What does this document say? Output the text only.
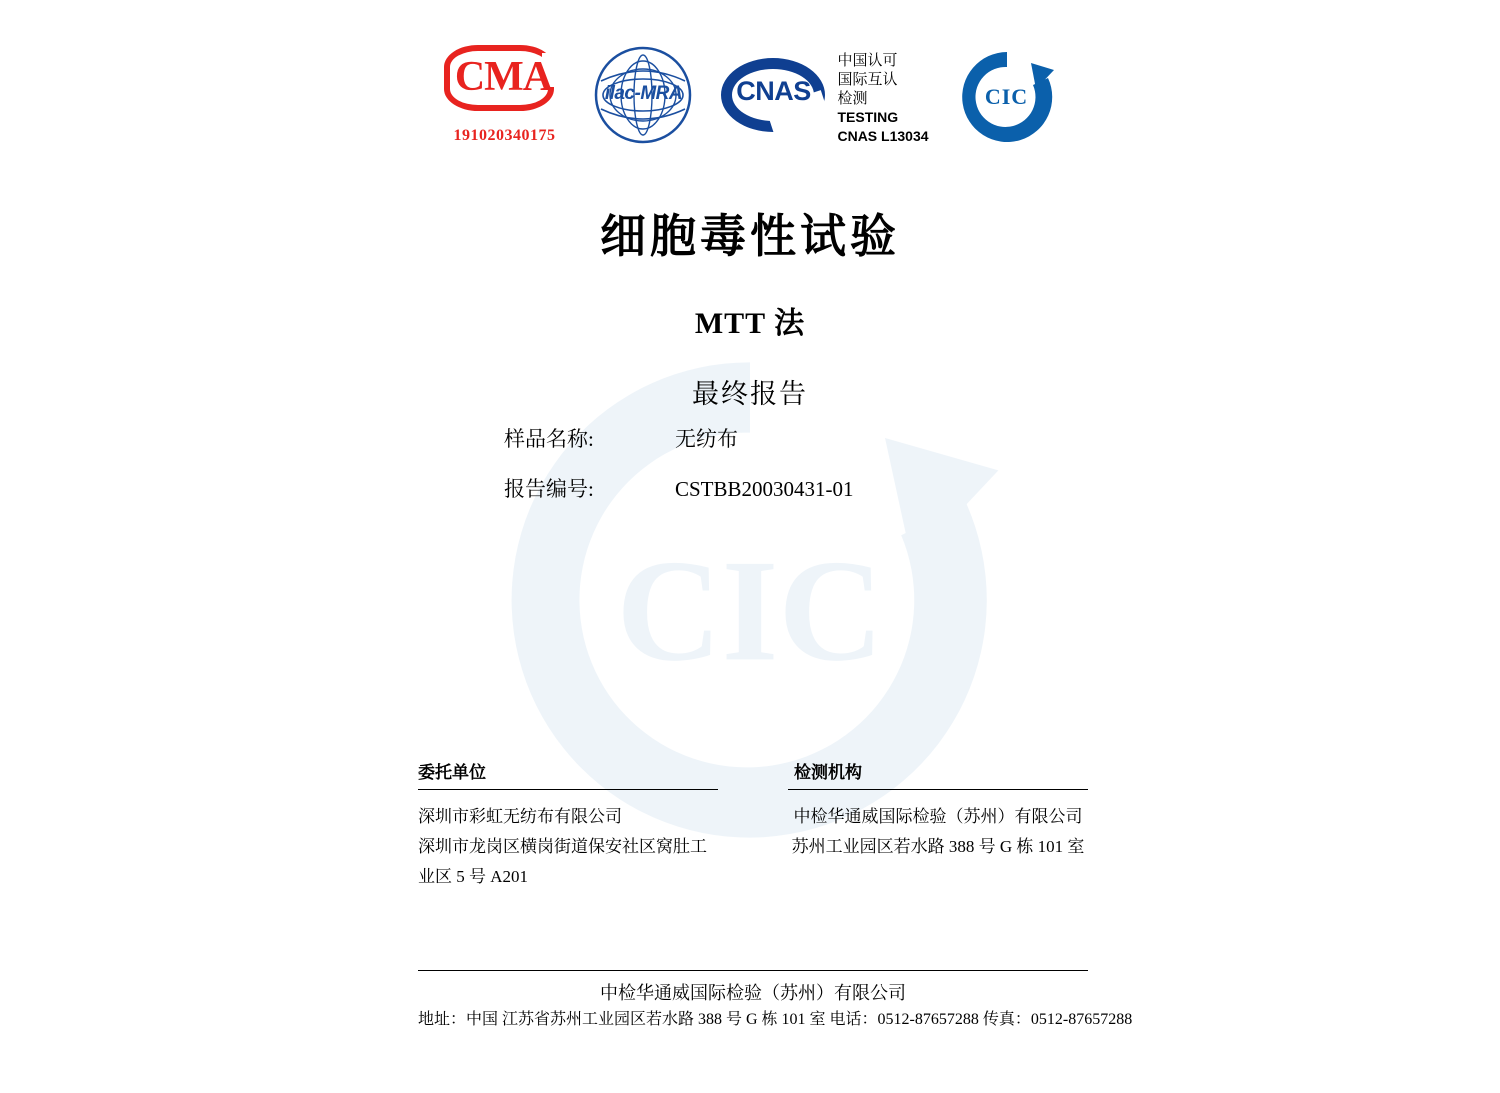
CIC
CMA
191020340175
ilac-MRA	CNAS
中国认可
国际互认
检测
TESTING
CNAS L13034
CIC
细胞毒性试验
MTT 法
最终报告
样品名称:	无纺布
报告编号:	CSTBB20030431-01
委托单位
深圳市彩虹无纺布有限公司
深圳市龙岗区横岗街道保安社区窝肚工业区 5 号 A201
检测机构
中检华通威国际检验（苏州）有限公司
苏州工业园区若水路 388 号 G 栋 101 室
中检华通威国际检验（苏州）有限公司
地址：中国 江苏省苏州工业园区若水路 388 号 G 栋 101 室 电话：0512-87657288 传真：0512-87657288
